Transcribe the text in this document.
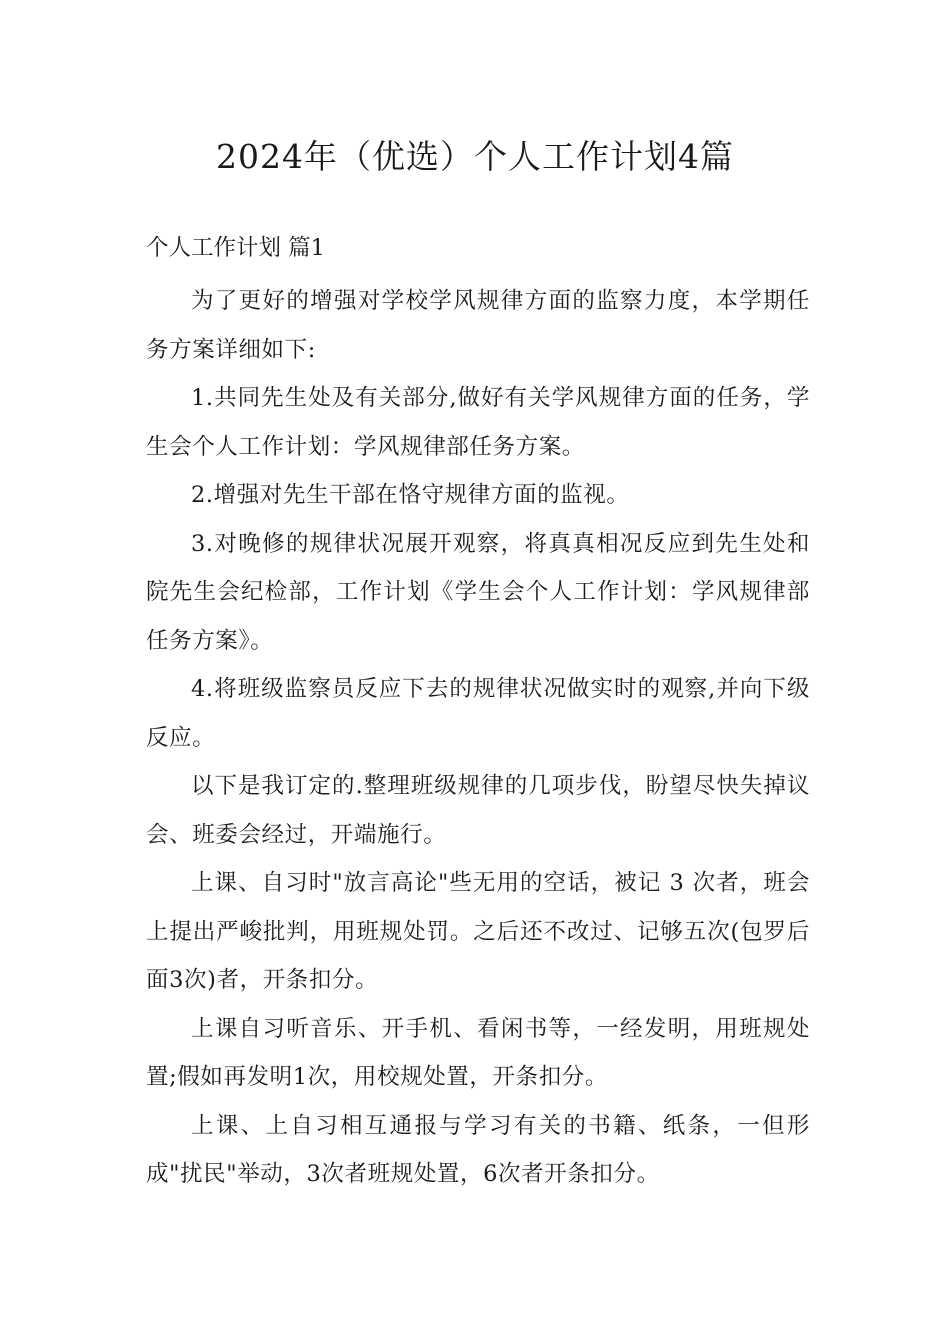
2024年（优选）个人工作计划4篇
个人工作计划 篇1

为了更好的增强对学校学风规律方面的监察力度，本学期任务方案详细如下:

1.共同先生处及有关部分,做好有关学风规律方面的任务，学生会个人工作计划：学风规律部任务方案。

2.增强对先生干部在恪守规律方面的监视。

3.对晚修的规律状况展开观察，将真真相况反应到先生处和院先生会纪检部，工作计划《学生会个人工作计划：学风规律部任务方案》。

4.将班级监察员反应下去的规律状况做实时的观察,并向下级反应。

以下是我订定的.整理班级规律的几项步伐，盼望尽快失掉议会、班委会经过，开端施行。

上课、自习时"放言高论"些无用的空话，被记 3 次者，班会上提出严峻批判，用班规处罚。之后还不改过、记够五次(包罗后面3次)者，开条扣分。

上课自习听音乐、开手机、看闲书等，一经发明，用班规处置;假如再发明1次，用校规处置，开条扣分。

上课、上自习相互通报与学习有关的书籍、纸条，一但形成"扰民"举动，3次者班规处置，6次者开条扣分。
